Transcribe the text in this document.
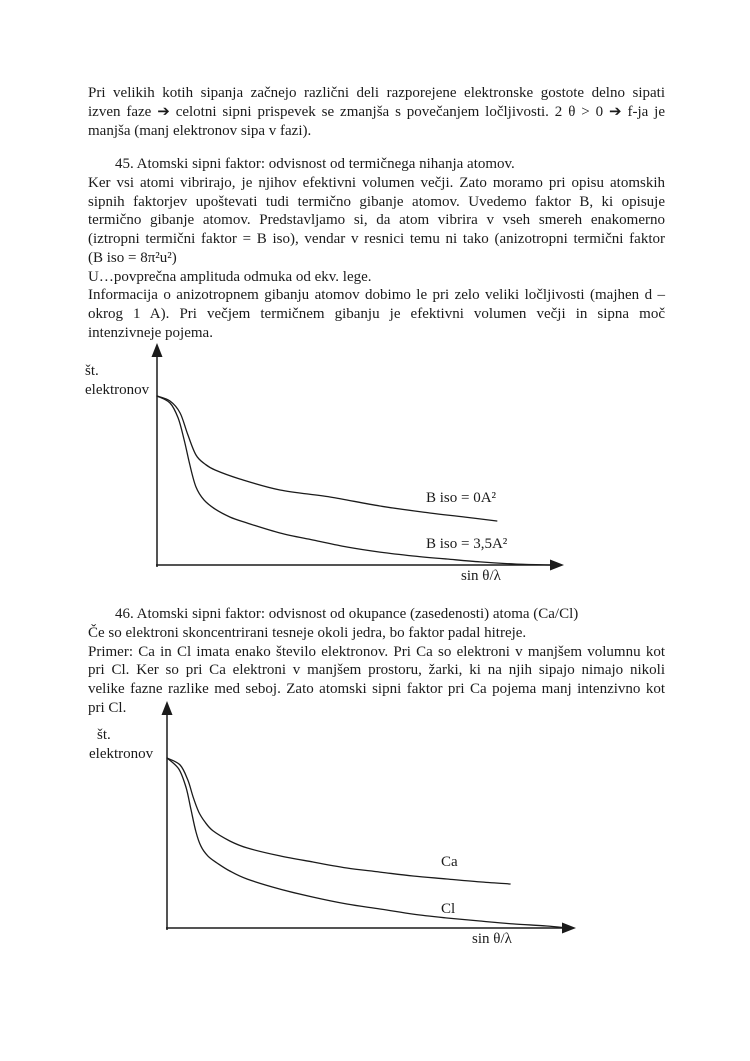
Pri velikih kotih sipanja začnejo različni deli razporejene elektronske gostote delno sipati
izven faze ➔ celotni sipni prispevek se zmanjša s povečanjem ločljivosti. 2 θ > 0 ➔ f-ja je
manjša (manj elektronov sipa v fazi).
45. Atomski sipni faktor: odvisnost od termičnega nihanja atomov.
Ker vsi atomi vibrirajo, je njihov efektivni volumen večji. Zato moramo pri opisu atomskih
sipnih faktorjev upoštevati tudi termično gibanje atomov. Uvedemo faktor B, ki opisuje
termično gibanje atomov. Predstavljamo si, da atom vibrira v vseh smereh enakomerno
(iztropni termični faktor = B iso), vendar v resnici temu ni tako (anizotropni termični faktor
(B iso = 8π²u²)
U…povprečna amplituda odmuka od ekv. lege.
Informacija o anizotropnem gibanju atomov dobimo le pri zelo veliki ločljivosti (majhen d –
okrog 1 A). Pri večjem termičnem gibanju je efektivni volumen večji in sipna moč
intenzivneje pojema.
št.
elektronov
B iso = 0A²
B iso = 3,5A²
sin θ/λ
46. Atomski sipni faktor: odvisnost od okupance (zasedenosti) atoma (Ca/Cl)
Če so elektroni skoncentrirani tesneje okoli jedra, bo faktor padal hitreje.
Primer: Ca in Cl imata enako število elektronov. Pri Ca so elektroni v manjšem volumnu kot
pri Cl. Ker so pri Ca elektroni v manjšem prostoru, žarki, ki na njih sipajo nimajo nikoli
velike fazne razlike med seboj. Zato atomski sipni faktor pri Ca pojema manj intenzivno kot
pri Cl.
št.
elektronov
Ca
Cl
sin θ/λ
